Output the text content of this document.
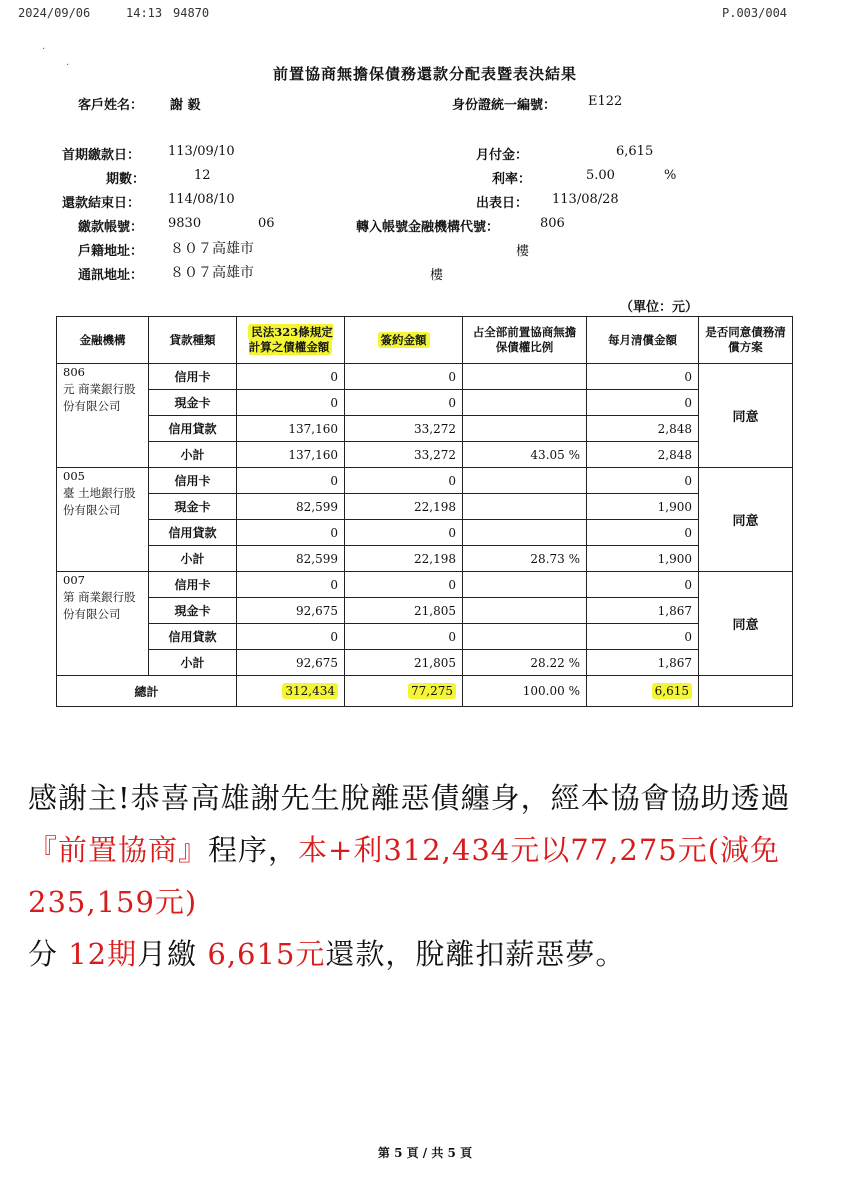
2024/09/06	14:13 94870	P.003/004
·
·	前置協商無擔保債務還款分配表暨表決結果
客戶姓名： 謝 毅	身份證統一編號： E122
首期繳款日： 113/09/10	月付金：	6,615
期數：	12	利率：	5.00	%
還款結束日： 114/08/10	出表日： 113/08/28
繳款帳號： 9830	06	轉入帳號金融機構代號：	806
戶籍地址： ８０７高雄市	樓
通訊地址： ８０７高雄市	樓
（單位：元）
金融機構	貸款種類	民法323條規定計算之債權金額	簽約金額	占全部前置協商無擔保債權比例	每月清償金額	是否同意債務清償方案

806
元 商業銀行股份有限公司	信用卡	0	0		0	同意
	現金卡	0	0		0	
	信用貸款	137,160	33,272		2,848	
	小計	137,160	33,272	43.05 %	2,848	

005
臺 土地銀行股份有限公司	信用卡	0	0		0	同意
	現金卡	82,599	22,198		1,900	
	信用貸款	0	0		0	
	小計	82,599	22,198	28.73 %	1,900	

007
第 商業銀行股份有限公司	信用卡	0	0		0	同意
	現金卡	92,675	21,805		1,867	
	信用貸款	0	0		0	
	小計	92,675	21,805	28.22 %	1,867	
總計		312,434	77,275	100.00 %	6,615	
感謝主!恭喜高雄謝先生脫離惡債纏身，經本協會協助透過『前置協商』程序，本+利312,434元以77,275元(減免235,159元)
分 12期月繳 6,615元還款，脫離扣薪惡夢。
第 5 頁 / 共 5 頁
